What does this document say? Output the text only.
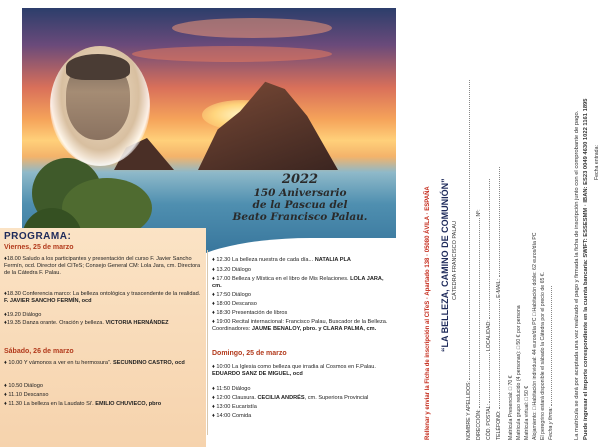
2022
150 Aniversario
de la Pascua del
Beato Francisco Palau.
PROGRAMA:
Viernes, 25 de marzo
♦18.00 Saludo a los participantes y presentación del curso F. Javier Sancho Fermín, ocd. Director del CITeS; Consejo General CM: Lola Jara, cm. Directora de la Cátedra F. Palau.
♦18.30 Conferencia marco: La belleza ontológica y trascendente de la realidad. F. JAVIER SANCHO FERMÍN, ocd
♦19.20 Diálogo
♦19.35 Danza orante. Oración y belleza. VICTORIA HERNÁNDEZ
Sábado, 26 de marzo
♦ 10.00 Y vámonos a ver en tu hermosura”. SECUNDINO CASTRO, ocd
♦ 10.50 Diálogo
♦ 11.10 Descanso
♦ 11.30 La belleza en la Laudato Si'. EMILIO CHUVIECO, pbro
♦ 12.30 La belleza nuestra de cada día... NATALIA PLA
♦ 13.20 Diálogo
♦ 17.00 Belleza y Mística en el libro de Mis Relaciones. LOLA JARA, cm.
♦ 17:50 Diálogo
♦ 18:00 Descanso
♦ 18:30 Presentación de libros
♦ 19:00 Recital internacional: Francisco Palau, Buscador de la Belleza. Coordinadores: JAUME BENALOY, pbro. y CLARA PALMA, cm.
Domingo, 25 de marzo
♦ 10:00 La Iglesia como belleza que irradia al Cosmos en F.Palau. EDUARDO SANZ DE MIGUEL, ocd
♦ 11:50 Diálogo
♦ 12:00 Clausura. CECILIA ANDRÉS, cm. Superiora Provincial
♦ 13:00 Eucaristía
♦ 14:00 Comida	Rellenar y enviar la Ficha de inscripción al CITeS · Apartado 138 · 05080 ÁVILA · ESPAÑA “LA BELLEZA, CAMINO DE COMUNIÓN” CÁTEDRA FRANCISCO PALAU
NOMBRE Y APELLIDOS: DIRECCIÓN:  Nº:
CÓD. POSTAL:  LOCALIDAD:
TELÉFONO:  E-MAIL:
Matrícula Presencial: □ 70 € Matrícula grupo reducido (4 personas): □ 50 € por persona Matrícula virtual: □ 50 € Alojamiento: □ Habitación individual: 44 euros/día PC □ Habitación doble: 62 euros/día PC El peregrino estará disponible el sábado la Cátedra por el precio de 65 €. Fecha y firma:	La matrícula se dará por aceptada una vez realizado el pago y firmada la ficha de inscripción junto con el comprobante de pago. Puede ingresar el importe correspondiente en la cuenta bancaria: SWIFT: ESSESMM · IBAN: ES23 0049 4630 1022 1161 1895 Fecha entrada:
